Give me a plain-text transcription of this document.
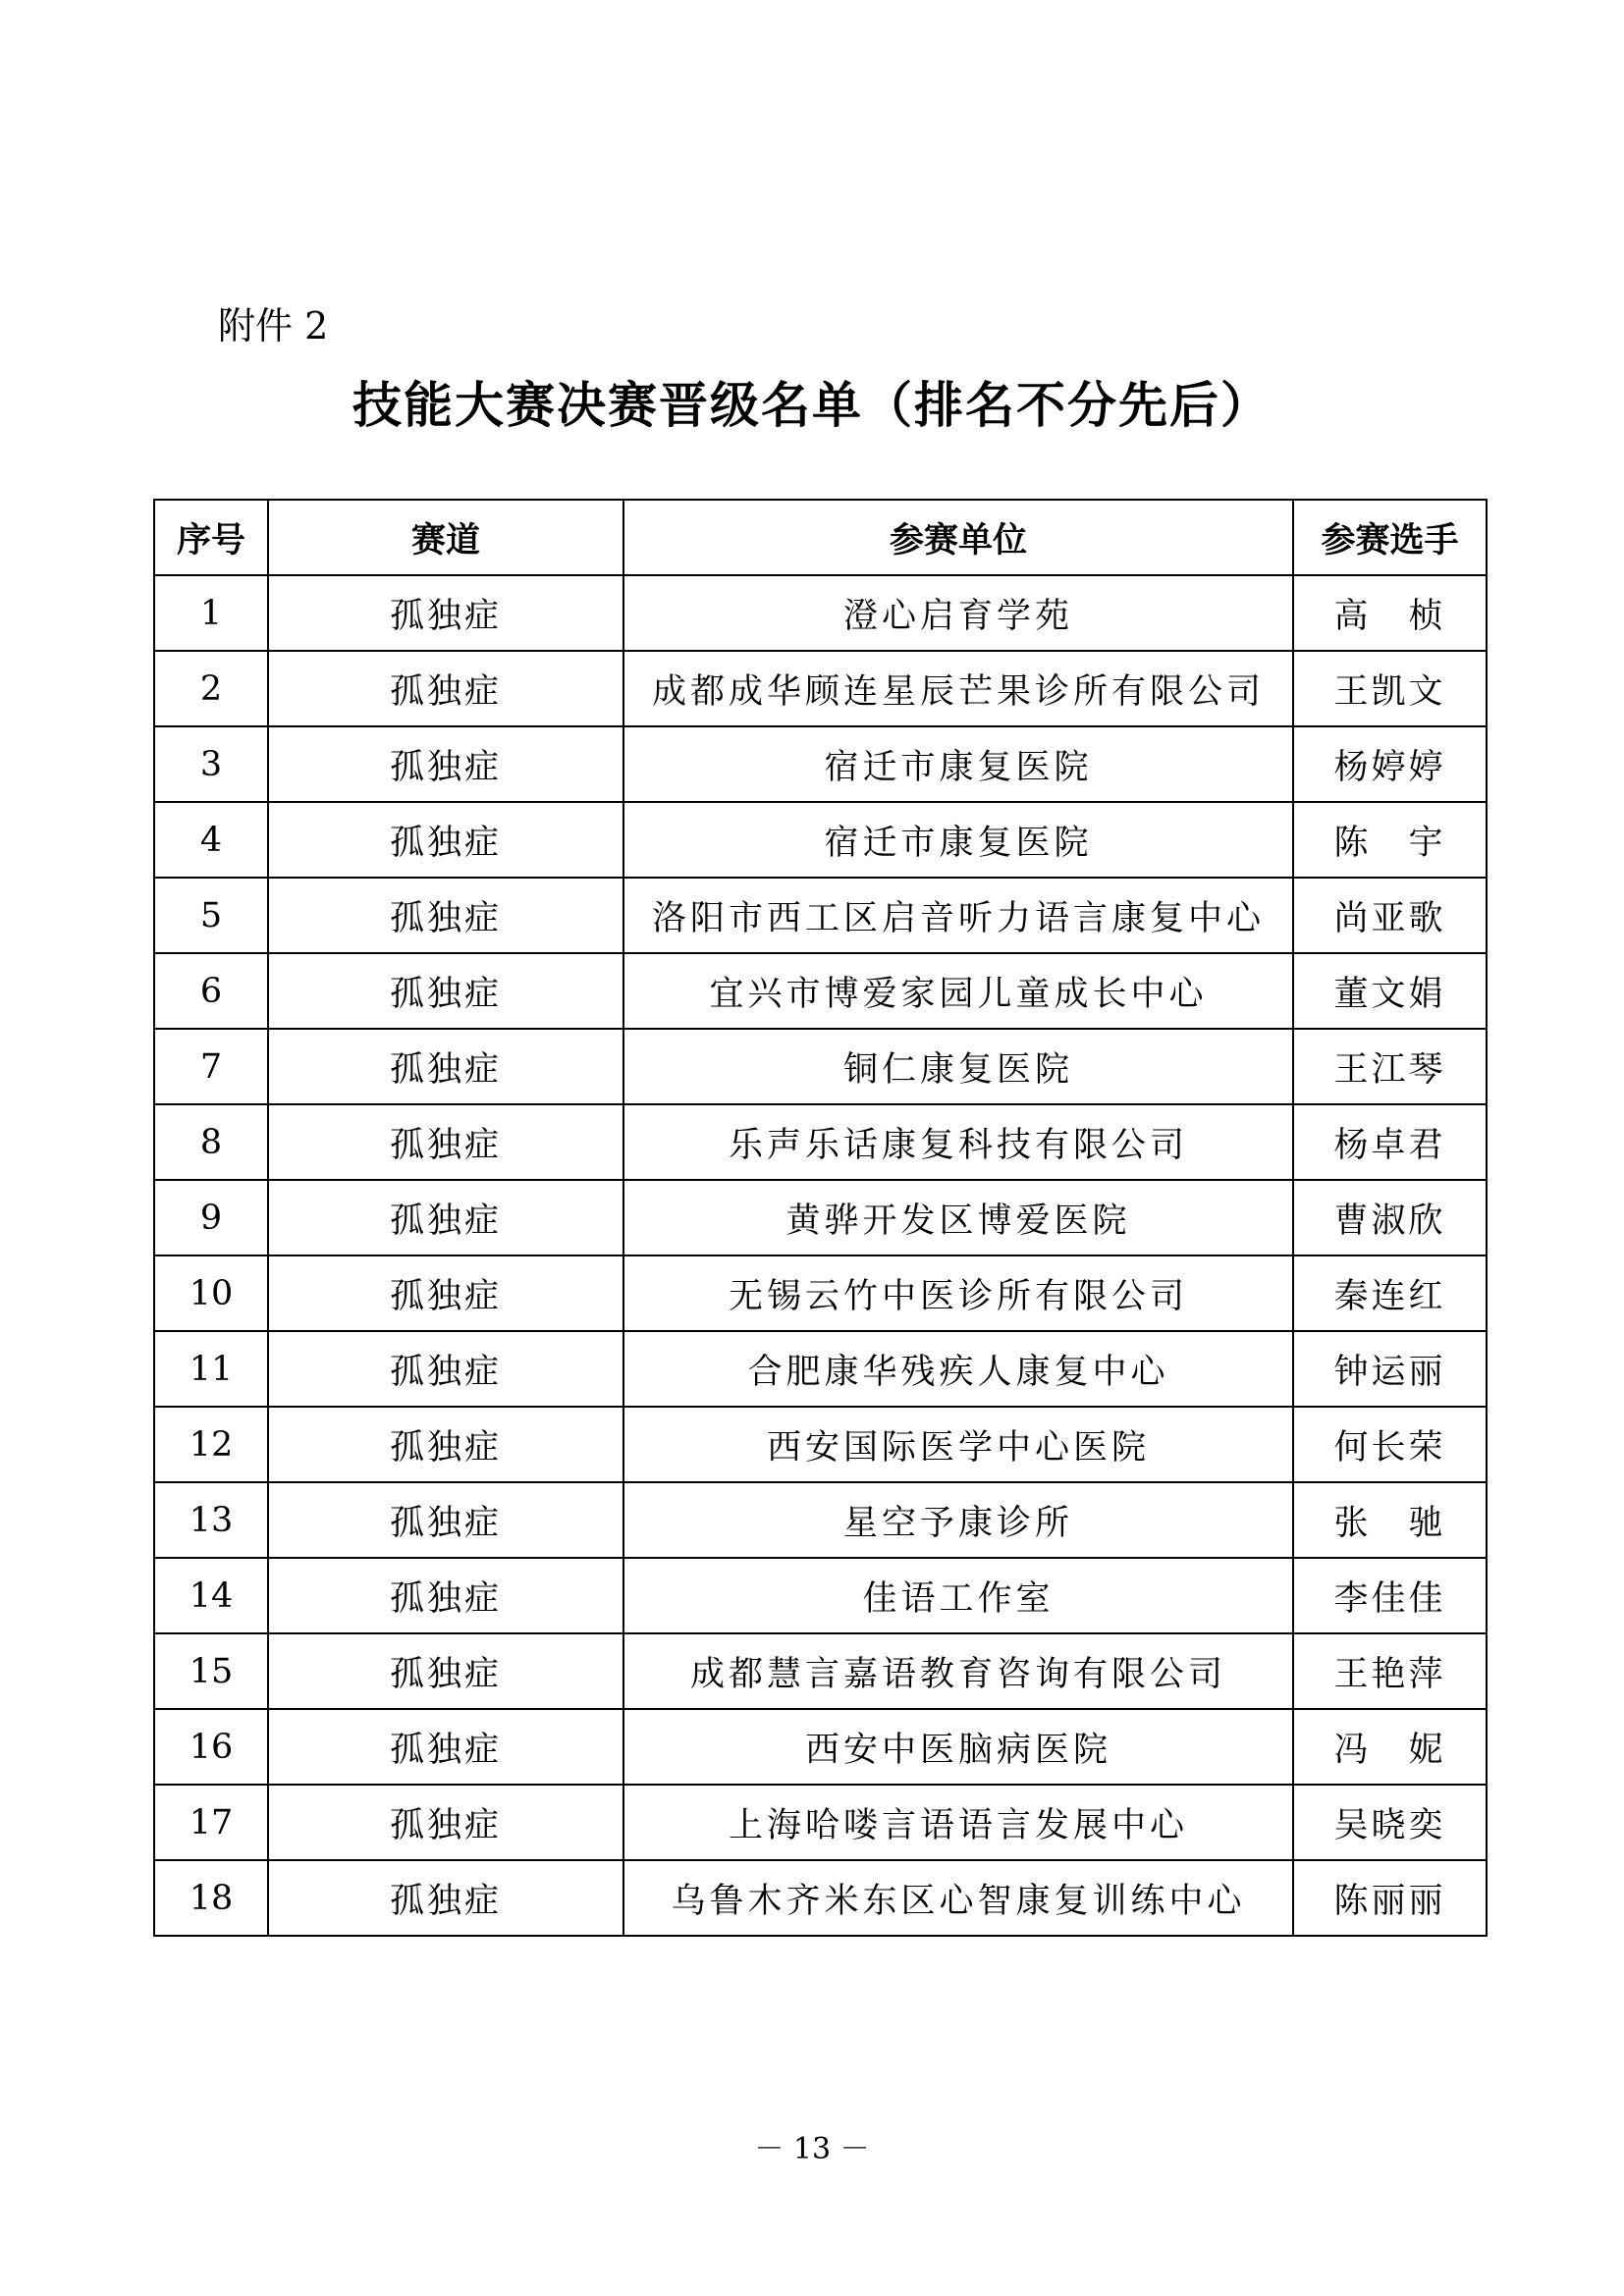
附件 2
技能大赛决赛晋级名单（排名不分先后）
序号	赛道	参赛单位	参赛选手
1	孤独症	澄心启育学苑	高　桢
2	孤独症	成都成华顾连星辰芒果诊所有限公司	王凯文
3	孤独症	宿迁市康复医院	杨婷婷
4	孤独症	宿迁市康复医院	陈　宇
5	孤独症	洛阳市西工区启音听力语言康复中心	尚亚歌
6	孤独症	宜兴市博爱家园儿童成长中心	董文娟
7	孤独症	铜仁康复医院	王江琴
8	孤独症	乐声乐话康复科技有限公司	杨卓君
9	孤独症	黄骅开发区博爱医院	曹淑欣
10	孤独症	无锡云竹中医诊所有限公司	秦连红
11	孤独症	合肥康华残疾人康复中心	钟运丽
12	孤独症	西安国际医学中心医院	何长荣
13	孤独症	星空予康诊所	张　驰
14	孤独症	佳语工作室	李佳佳
15	孤独症	成都慧言嘉语教育咨询有限公司	王艳萍
16	孤独症	西安中医脑病医院	冯　妮
17	孤独症	上海哈喽言语语言发展中心	吴晓奕
18	孤独症	乌鲁木齐米东区心智康复训练中心	陈丽丽
－ 13 －
